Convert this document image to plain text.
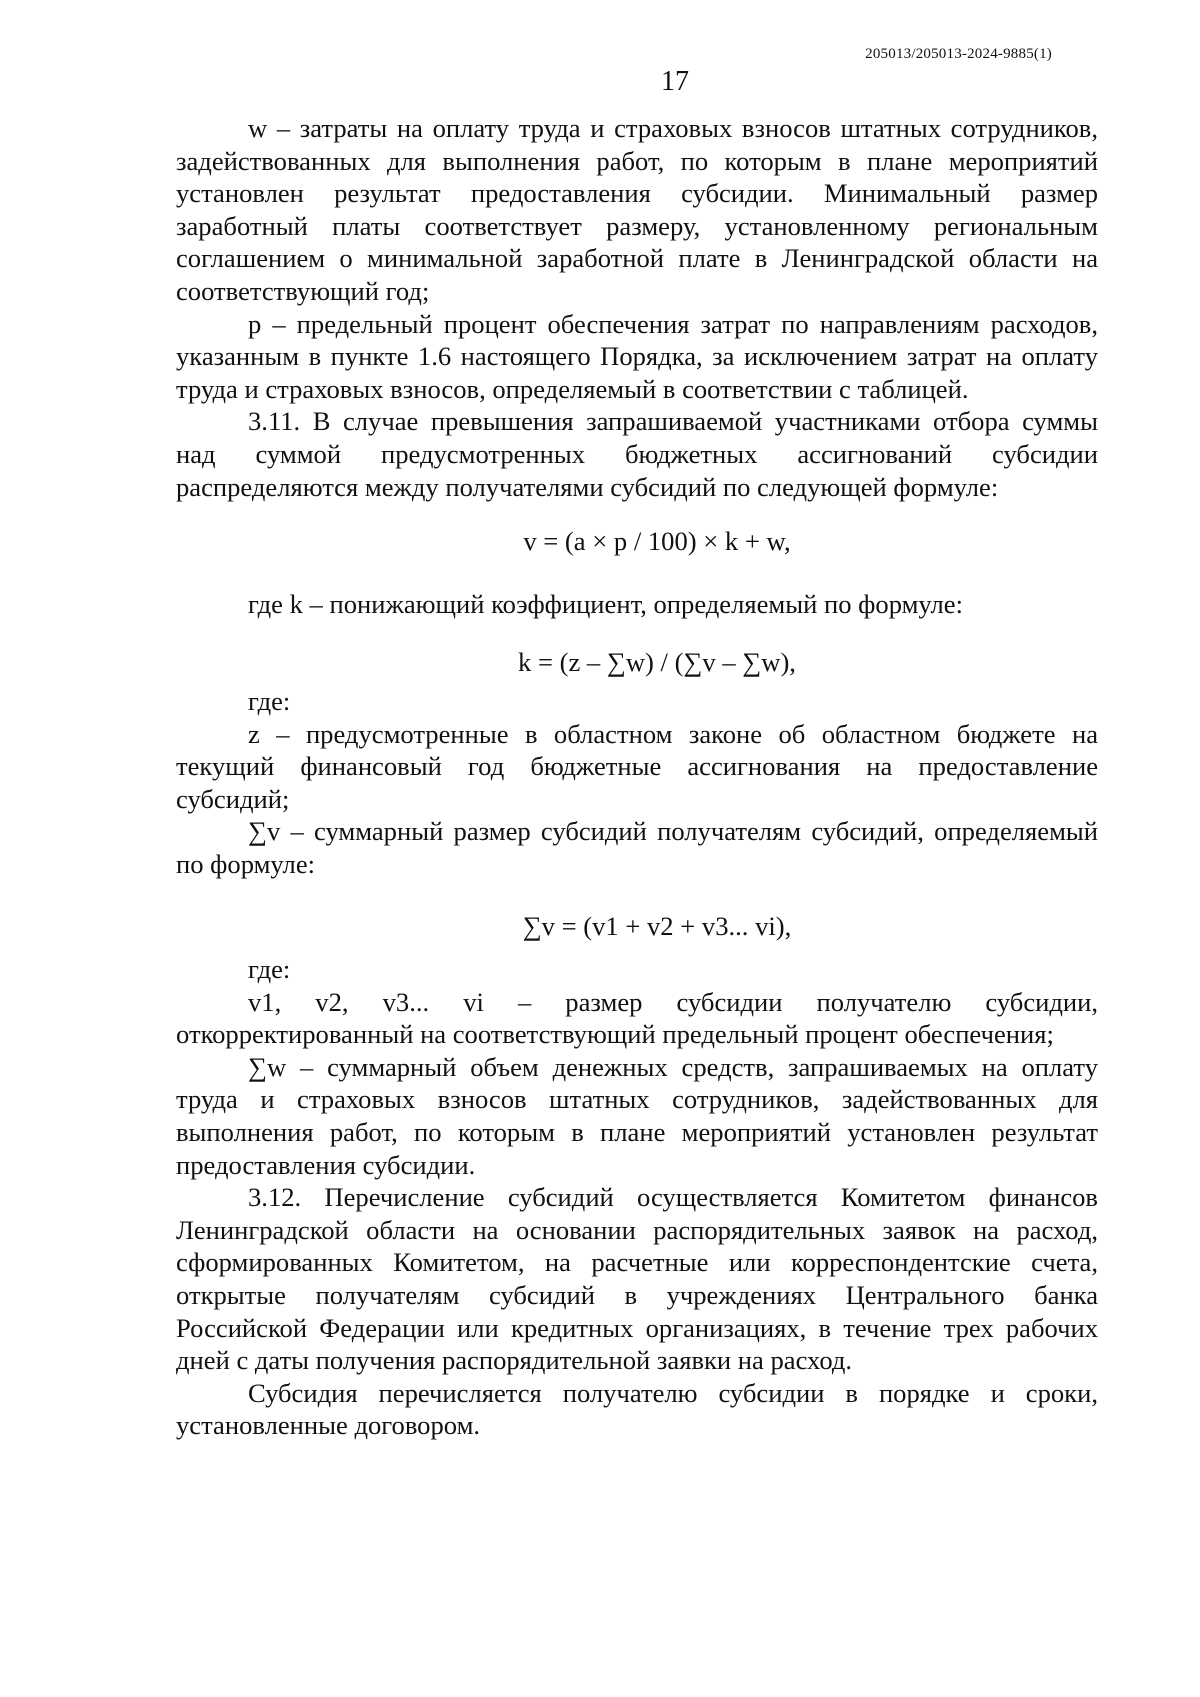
205013/205013-2024-9885(1)
17

w – затраты на оплату труда и страховых взносов штатных сотрудников, задействованных для выполнения работ, по которым в плане мероприятий установлен результат предоставления субсидии. Минимальный размер заработный платы соответствует размеру, установленному региональным соглашением о минимальной заработной плате в Ленинградской области на соответствующий год;

р – предельный процент обеспечения затрат по направлениям расходов, указанным в пункте 1.6 настоящего Порядка, за исключением затрат на оплату труда и страховых взносов, определяемый в соответствии с таблицей.

3.11. В случае превышения запрашиваемой участниками отбора суммы над суммой предусмотренных бюджетных ассигнований субсидии распределяются между получателями субсидий по следующей формуле:

v = (a × p / 100) × k + w,

где k – понижающий коэффициент, определяемый по формуле:

k = (z – ∑w) / (∑v – ∑w),

где:

z – предусмотренные в областном законе об областном бюджете на текущий финансовый год бюджетные ассигнования на предоставление субсидий;

∑v – суммарный размер субсидий получателям субсидий, определяемый по формуле:

∑v = (v1 + v2 + v3... vi),

где:

v1, v2, v3... vi – размер субсидии получателю субсидии, откорректированный на соответствующий предельный процент обеспечения;

∑w – суммарный объем денежных средств, запрашиваемых на оплату труда и страховых взносов штатных сотрудников, задействованных для выполнения работ, по которым в плане мероприятий установлен результат предоставления субсидии.

3.12. Перечисление субсидий осуществляется Комитетом финансов Ленинградской области на основании распорядительных заявок на расход, сформированных Комитетом, на расчетные или корреспондентские счета, открытые получателям субсидий в учреждениях Центрального банка Российской Федерации или кредитных организациях, в течение трех рабочих дней с даты получения распорядительной заявки на расход.

Субсидия перечисляется получателю субсидии в порядке и сроки, установленные договором.
